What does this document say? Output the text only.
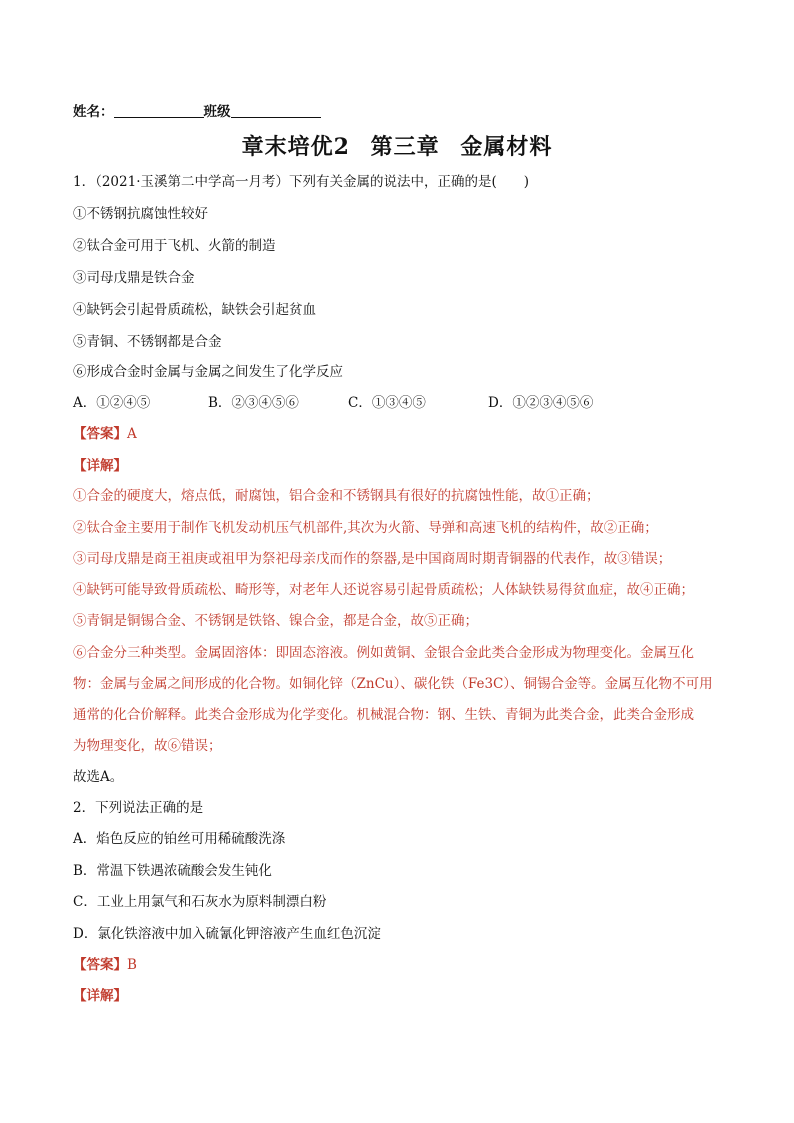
姓名：	班级
章末培优2 第三章 金属材料
1．（2021·玉溪第二中学高一月考）下列有关金属的说法中，正确的是(　　)
①不锈钢抗腐蚀性较好
②钛合金可用于飞机、火箭的制造
③司母戊鼎是铁合金
④缺钙会引起骨质疏松，缺铁会引起贫血
⑤青铜、不锈钢都是合金
⑥形成合金时金属与金属之间发生了化学反应
A．①②④⑤	B．②③④⑤⑥	C．①③④⑤	D．①②③④⑤⑥
【答案】A
【详解】
①合金的硬度大，熔点低，耐腐蚀，铝合金和不锈钢具有很好的抗腐蚀性能，故①正确；
②钛合金主要用于制作飞机发动机压气机部件,其次为火箭、导弹和高速飞机的结构件，故②正确；
③司母戊鼎是商王祖庚或祖甲为祭祀母亲戊而作的祭器,是中国商周时期青铜器的代表作，故③错误；
④缺钙可能导致骨质疏松、畸形等，对老年人还说容易引起骨质疏松；人体缺铁易得贫血症，故④正确；
⑤青铜是铜锡合金、不锈钢是铁铬、镍合金，都是合金，故⑤正确；
⑥合金分三种类型。金属固溶体：即固态溶液。例如黄铜、金银合金此类合金形成为物理变化。金属互化
物：金属与金属之间形成的化合物。如铜化锌（ZnCu）、碳化铁（Fe3C）、铜锡合金等。金属互化物不可用
通常的化合价解释。此类合金形成为化学变化。机械混合物：钢、生铁、青铜为此类合金，此类合金形成
为物理变化，故⑥错误；
故选A。
2．下列说法正确的是
A．焰色反应的铂丝可用稀硫酸洗涤
B．常温下铁遇浓硫酸会发生钝化
C．工业上用氯气和石灰水为原料制漂白粉
D．氯化铁溶液中加入硫氰化钾溶液产生血红色沉淀
【答案】B
【详解】
